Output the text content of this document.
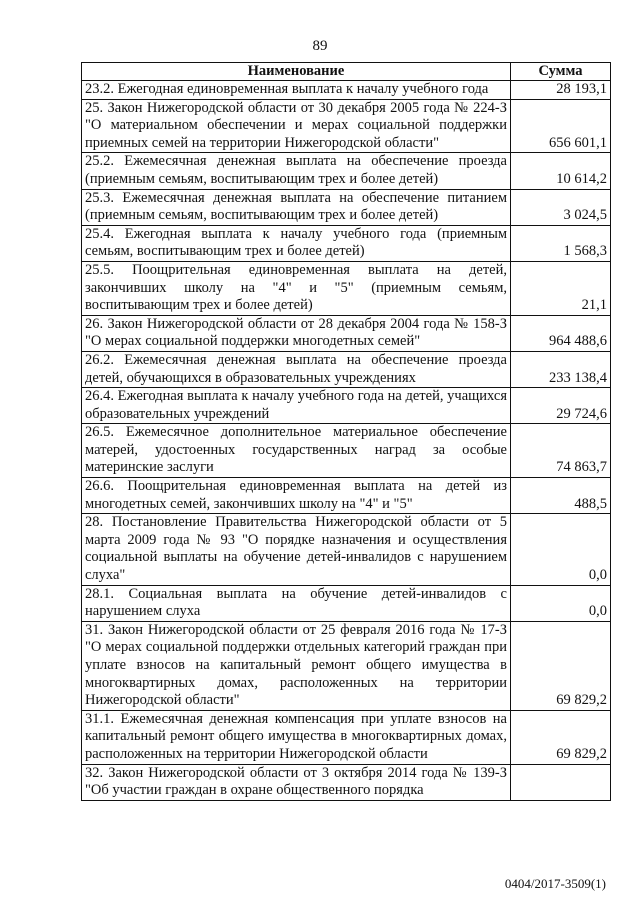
89
Наименование	Сумма
23.2. Ежегодная единовременная выплата к началу учебного года	28 193,1
25. Закон Нижегородской области от 30 декабря 2005 года № 224-З "О материальном обеспечении и мерах социальной поддержки приемных семей на территории Нижегородской области"	656 601,1
25.2. Ежемесячная денежная выплата на обеспечение проезда (приемным семьям, воспитывающим трех и более детей)	10 614,2
25.3. Ежемесячная денежная выплата на обеспечение питанием (приемным семьям, воспитывающим трех и более детей)	3 024,5
25.4. Ежегодная выплата к началу учебного года (приемным семьям, воспитывающим трех и более детей)	1 568,3
25.5. Поощрительная единовременная выплата на детей, закончивших школу на "4" и "5" (приемным семьям, воспитывающим трех и более детей)	21,1
26. Закон Нижегородской области от 28 декабря 2004 года № 158-З "О мерах социальной поддержки многодетных семей"	964 488,6
26.2. Ежемесячная денежная выплата на обеспечение проезда детей, обучающихся в образовательных учреждениях	233 138,4
26.4. Ежегодная выплата к началу учебного года на детей, учащихся образовательных учреждений	29 724,6
26.5. Ежемесячное дополнительное материальное обеспечение матерей, удостоенных государственных наград за особые материнские заслуги	74 863,7
26.6. Поощрительная единовременная выплата на детей из многодетных семей, закончивших школу на "4" и "5"	488,5
28. Постановление Правительства Нижегородской области от 5 марта 2009 года № 93 "О порядке назначения и осуществления социальной выплаты на обучение детей-инвалидов с нарушением слуха"	0,0
28.1. Социальная выплата на обучение детей-инвалидов с нарушением слуха	0,0
31. Закон Нижегородской области от 25 февраля 2016 года № 17-З "О мерах социальной поддержки отдельных категорий граждан при уплате взносов на капитальный ремонт общего имущества в многоквартирных домах, расположенных на территории Нижегородской области"	69 829,2
31.1. Ежемесячная денежная компенсация при уплате взносов на капитальный ремонт общего имущества в многоквартирных домах, расположенных на территории Нижегородской области	69 829,2
32. Закон Нижегородской области от 3 октября 2014 года № 139-З "Об участии граждан в охране общественного порядка	
0404/2017-3509(1)
